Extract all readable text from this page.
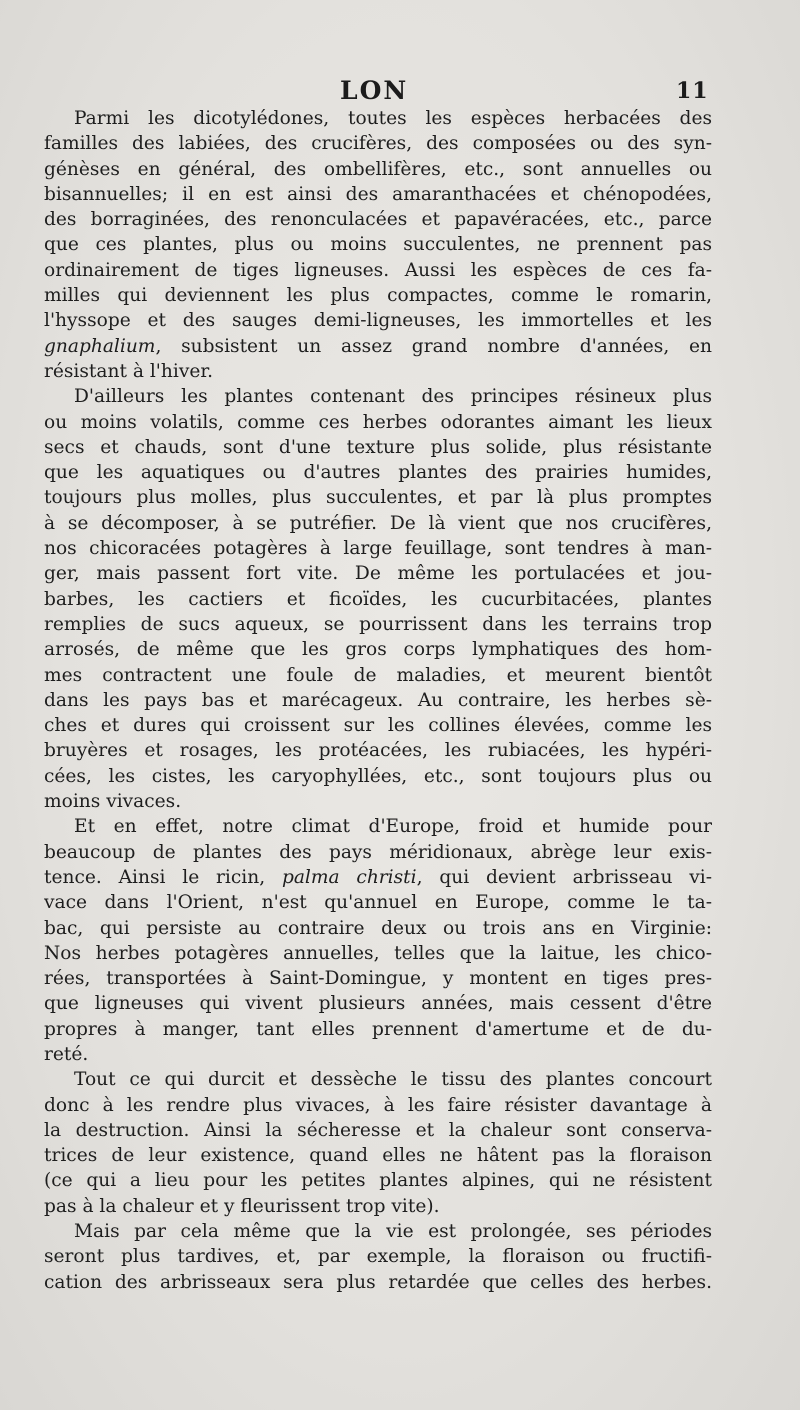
LON	11
Parmi les dicotylédones, toutes les espèces herbacées des
familles des labiées, des crucifères, des composées ou des syn-
génèses en général, des ombellifères, etc., sont annuelles ou
bisannuelles; il en est ainsi des amaranthacées et chénopodées,
des borraginées, des renonculacées et papavéracées, etc., parce
que ces plantes, plus ou moins succulentes, ne prennent pas
ordinairement de tiges ligneuses. Aussi les espèces de ces fa-
milles qui deviennent les plus compactes, comme le romarin,
l'hyssope et des sauges demi-ligneuses, les immortelles et les
gnaphalium, subsistent un assez grand nombre d'années, en
résistant à l'hiver.
D'ailleurs les plantes contenant des principes résineux plus
ou moins volatils, comme ces herbes odorantes aimant les lieux
secs et chauds, sont d'une texture plus solide, plus résistante
que les aquatiques ou d'autres plantes des prairies humides,
toujours plus molles, plus succulentes, et par là plus promptes
à se décomposer, à se putréfier. De là vient que nos crucifères,
nos chicoracées potagères à large feuillage, sont tendres à man-
ger, mais passent fort vite. De même les portulacées et jou-
barbes, les cactiers et ficoïdes, les cucurbitacées, plantes
remplies de sucs aqueux, se pourrissent dans les terrains trop
arrosés, de même que les gros corps lymphatiques des hom-
mes contractent une foule de maladies, et meurent bientôt
dans les pays bas et marécageux. Au contraire, les herbes sè-
ches et dures qui croissent sur les collines élevées, comme les
bruyères et rosages, les protéacées, les rubiacées, les hypéri-
cées, les cistes, les caryophyllées, etc., sont toujours plus ou
moins vivaces.
Et en effet, notre climat d'Europe, froid et humide pour
beaucoup de plantes des pays méridionaux, abrège leur exis-
tence. Ainsi le ricin, palma christi, qui devient arbrisseau vi-
vace dans l'Orient, n'est qu'annuel en Europe, comme le ta-
bac, qui persiste au contraire deux ou trois ans en Virginie:
Nos herbes potagères annuelles, telles que la laitue, les chico-
rées, transportées à Saint-Domingue, y montent en tiges pres-
que ligneuses qui vivent plusieurs années, mais cessent d'être
propres à manger, tant elles prennent d'amertume et de du-
reté.
Tout ce qui durcit et dessèche le tissu des plantes concourt
donc à les rendre plus vivaces, à les faire résister davantage à
la destruction. Ainsi la sécheresse et la chaleur sont conserva-
trices de leur existence, quand elles ne hâtent pas la floraison
(ce qui a lieu pour les petites plantes alpines, qui ne résistent
pas à la chaleur et y fleurissent trop vite).
Mais par cela même que la vie est prolongée, ses périodes
seront plus tardives, et, par exemple, la floraison ou fructifi-
cation des arbrisseaux sera plus retardée que celles des herbes.
